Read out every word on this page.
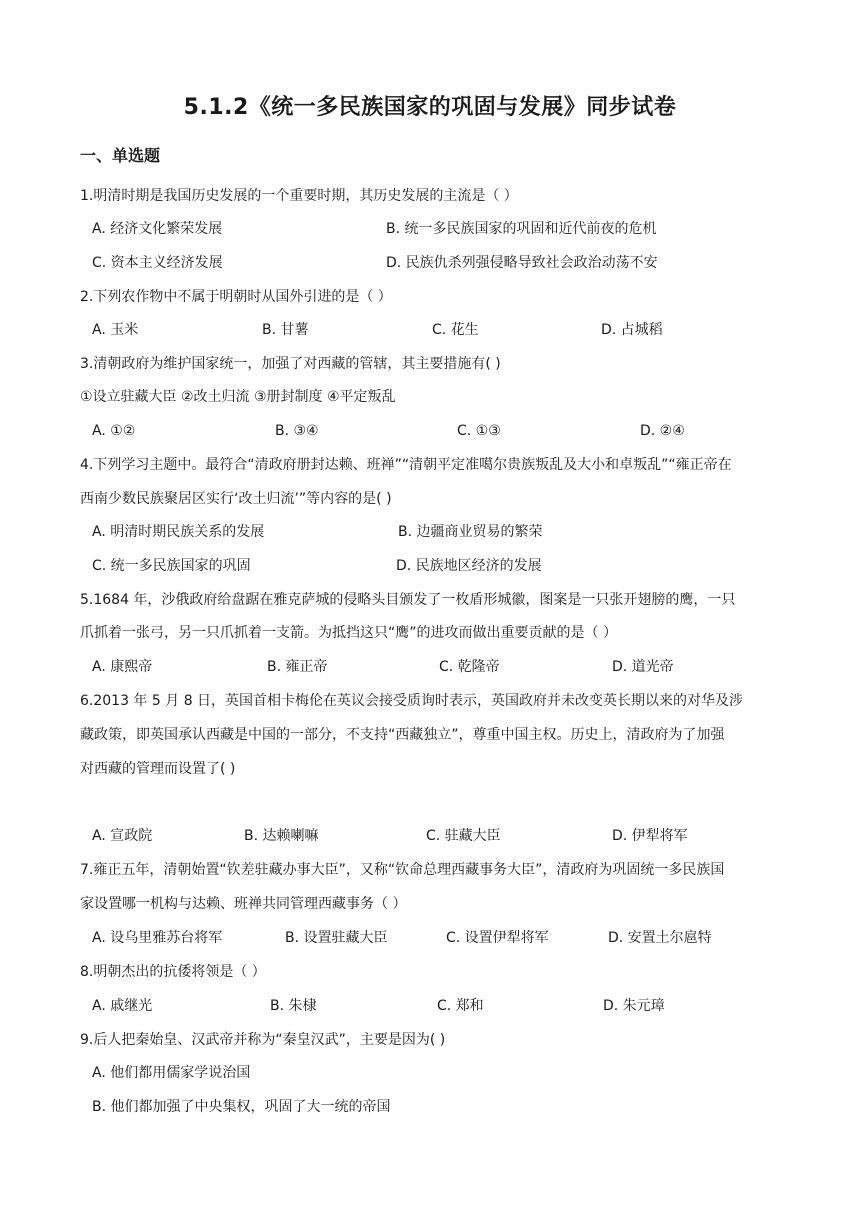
5.1.2《统一多民族国家的巩固与发展》同步试卷
一、单选题
1.明清时期是我国历史发展的一个重要时期，其历史发展的主流是（ ）
A. 经济文化繁荣发展	B. 统一多民族国家的巩固和近代前夜的危机
C. 资本主义经济发展	D. 民族仇杀列强侵略导致社会政治动荡不安
2.下列农作物中不属于明朝时从国外引进的是（ ）
A. 玉米	B. 甘薯	C. 花生	D. 占城稻
3.清朝政府为维护国家统一，加强了对西藏的管辖，其主要措施有( )
①设立驻藏大臣 ②改土归流 ③册封制度 ④平定叛乱
A. ①②	B. ③④	C. ①③	D. ②④
4.下列学习主题中。最符合“清政府册封达赖、班禅”“清朝平定准噶尔贵族叛乱及大小和卓叛乱”“雍正帝在
西南少数民族聚居区实行‘改土归流’”等内容的是( )
A. 明清时期民族关系的发展	B. 边疆商业贸易的繁荣
C. 统一多民族国家的巩固	D. 民族地区经济的发展
5.1684 年，沙俄政府给盘踞在雅克萨城的侵略头目颁发了一枚盾形城徽，图案是一只张开翅膀的鹰，一只
爪抓着一张弓，另一只爪抓着一支箭。为抵挡这只“鹰”的进攻而做出重要贡献的是（ ）
A. 康熙帝	B. 雍正帝	C. 乾隆帝	D. 道光帝
6.2013 年 5 月 8 日，英国首相卡梅伦在英议会接受质询时表示，英国政府并未改变英长期以来的对华及涉
藏政策，即英国承认西藏是中国的一部分，不支持“西藏独立”，尊重中国主权。历史上，清政府为了加强
对西藏的管理而设置了( )
A. 宣政院	B. 达赖喇嘛	C. 驻藏大臣	D. 伊犁将军
7.雍正五年，清朝始置“钦差驻藏办事大臣”，又称“钦命总理西藏事务大臣”，清政府为巩固统一多民族国
家设置哪一机构与达赖、班禅共同管理西藏事务（ ）
A. 设乌里雅苏台将军	B. 设置驻藏大臣	C. 设置伊犁将军	D. 安置土尔扈特
8.明朝杰出的抗倭将领是（ ）
A. 戚继光	B. 朱棣	C. 郑和	D. 朱元璋
9.后人把秦始皇、汉武帝并称为“秦皇汉武”，主要是因为( )
A. 他们都用儒家学说治国
B. 他们都加强了中央集权，巩固了大一统的帝国
